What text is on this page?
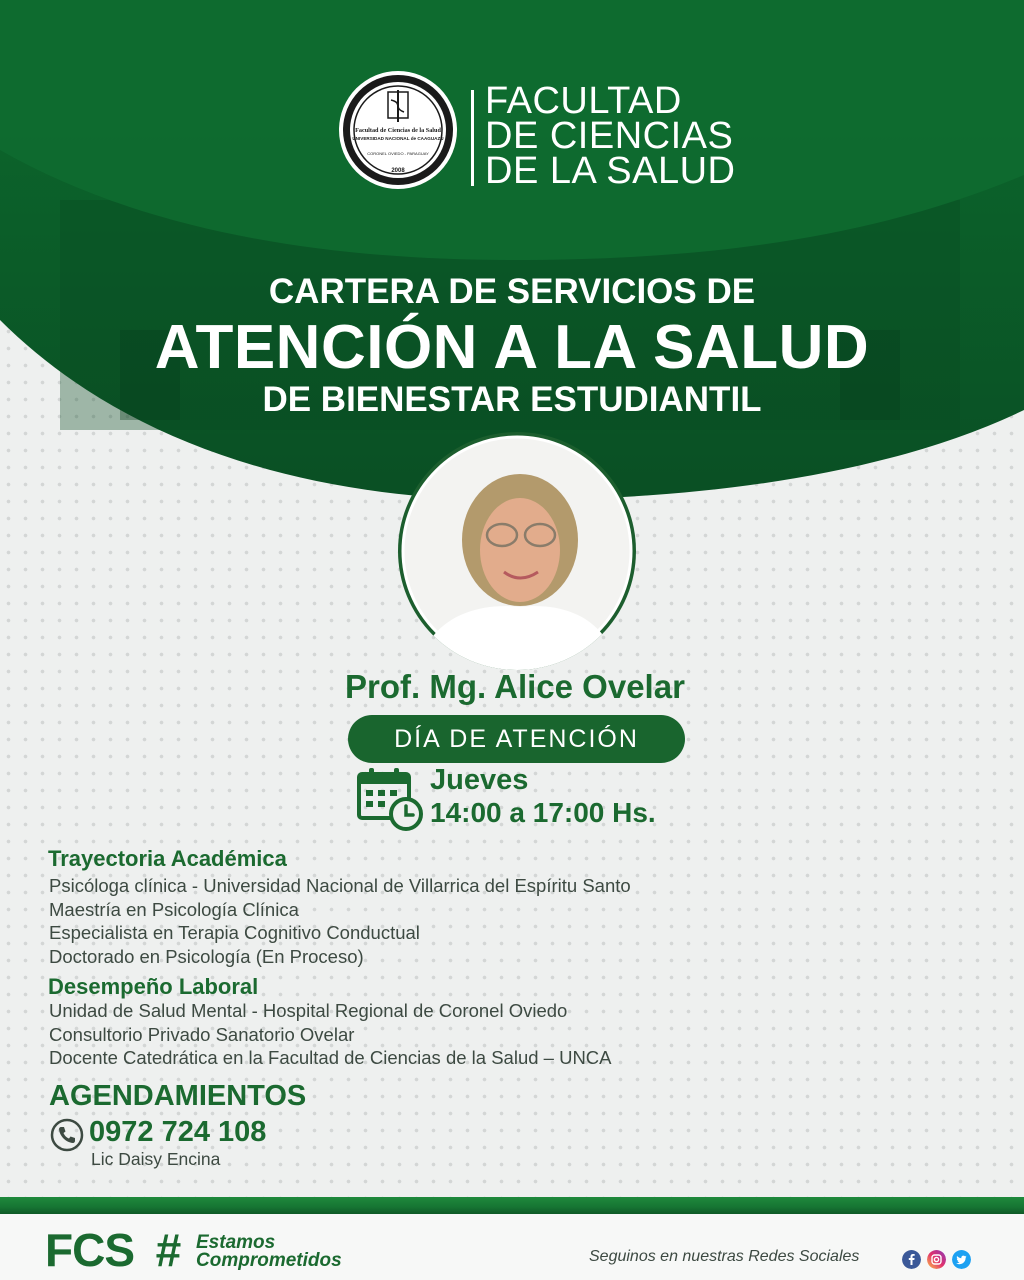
Facultad de Ciencias de la Salud
UNIVERSIDAD NACIONAL de CAAGUAZÚ
CORONEL OVIEDO - PARAGUAY
2008
FACULTAD
DE CIENCIAS
DE LA SALUD
CARTERA DE SERVICIOS DE
ATENCIÓN A LA SALUD
DE BIENESTAR ESTUDIANTIL
Prof. Mg. Alice Ovelar
DÍA DE ATENCIÓN
Jueves
14:00 a 17:00 Hs.
Trayectoria Académica
Psicóloga clínica - Universidad Nacional de Villarrica del Espíritu Santo
Maestría en Psicología Clínica
Especialista en Terapia Cognitivo Conductual
Doctorado en Psicología (En Proceso)
Desempeño Laboral
Unidad de Salud Mental - Hospital Regional de Coronel Oviedo
Consultorio Privado Sanatorio Ovelar
Docente Catedrática en la Facultad de Ciencias de la Salud – UNCA
AGENDAMIENTOS
0972 724 108
Lic Daisy Encina
FCS # Estamos
Comprometidos	Seguinos en nuestras Redes Sociales
